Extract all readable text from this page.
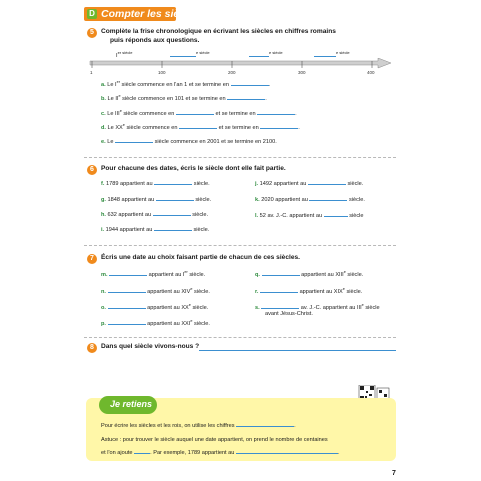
D Compter les siècles
5	Complète la frise chronologique en écrivant les siècles en chiffres romains
puis réponds aux questions.
$I^{er siècle}$	$^{e siècle}$	$^{e siècle}$	$^{e siècle}$
1	100	200	300	400
a. Le Ier siècle commence en l'an 1 et se termine en	.
b. Le IIe siècle commence en 101 et se termine en	.
c. Le IIIe siècle commence en	et se termine en	.
d. Le XXe siècle commence en	et se termine en	.
e. Le	siècle commence en 2001 et se termine en 2100.
6	Pour chacune des dates, écris le siècle dont elle fait partie.
f. 1789 appartient au	siècle.
g. 1848 appartient au	siècle.
h. 632 appartient au	siècle.
i. 1944 appartient au	siècle.
j. 1492 appartient au	siècle.
k. 2020 appartient au	siècle.
l. 52 av. J.-C. appartient au	siècle
7	Écris une date au choix faisant partie de chacun de ces siècles.
m.	appartient au Ier siècle.
n.	appartient au XIVe siècle.
o.	appartient au XXe siècle.
p.	appartient au XXIe siècle.
q.	appartient au XIIIe siècle.
r.	appartient au XIXe siècle.
s.	av. J.-C. appartient au IIIe siècle
avant Jésus-Christ.
8	Dans quel siècle vivons-nous ?
Je retiens
Pour écrire les siècles et les rois, on utilise les chiffres	.
Astuce : pour trouver le siècle auquel une date appartient, on prend le nombre de centaines
et l'on ajoute	. Par exemple, 1789 appartient au	.
7
